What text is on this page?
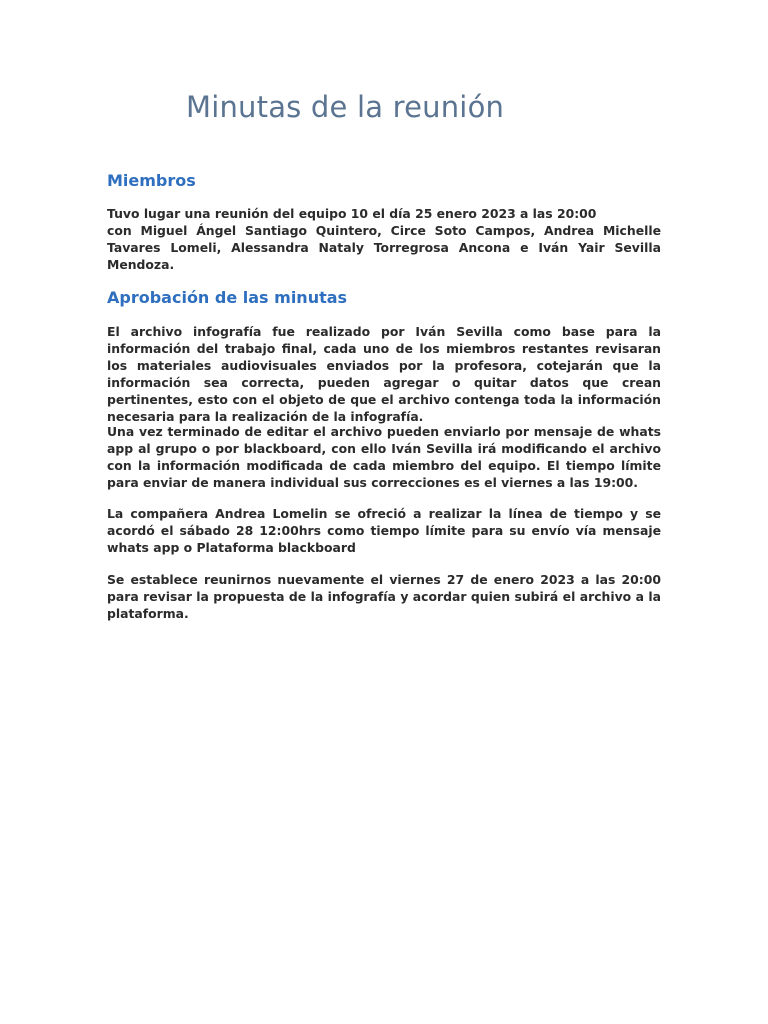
Minutas de la reunión
Miembros
Tuvo lugar una reunión del equipo 10 el día 25 enero 2023 a las 20:00
con Miguel Ángel Santiago Quintero, Circe Soto Campos, Andrea Michelle Tavares Lomeli, Alessandra Nataly Torregrosa Ancona e Iván Yair Sevilla Mendoza.
Aprobación de las minutas

El archivo infografía fue realizado por Iván Sevilla como base para la información del trabajo final, cada uno de los miembros restantes revisaran los materiales audiovisuales enviados por la profesora, cotejarán que la información sea correcta, pueden agregar o quitar datos que crean pertinentes, esto con el objeto de que el archivo contenga toda la información necesaria para la realización de la infografía.

Una vez terminado de editar el archivo pueden enviarlo por mensaje de whats app al grupo o por blackboard, con ello Iván Sevilla irá modificando el archivo con la información modificada de cada miembro del equipo. El tiempo límite para enviar de manera individual sus correcciones es el viernes a las 19:00.

La compañera Andrea Lomelin se ofreció a realizar la línea de tiempo y se acordó el sábado 28 12:00hrs como tiempo límite para su envío vía mensaje whats app o Plataforma blackboard

Se establece reunirnos nuevamente el viernes 27 de enero 2023 a las 20:00 para revisar la propuesta de la infografía y acordar quien subirá el archivo a la plataforma.
